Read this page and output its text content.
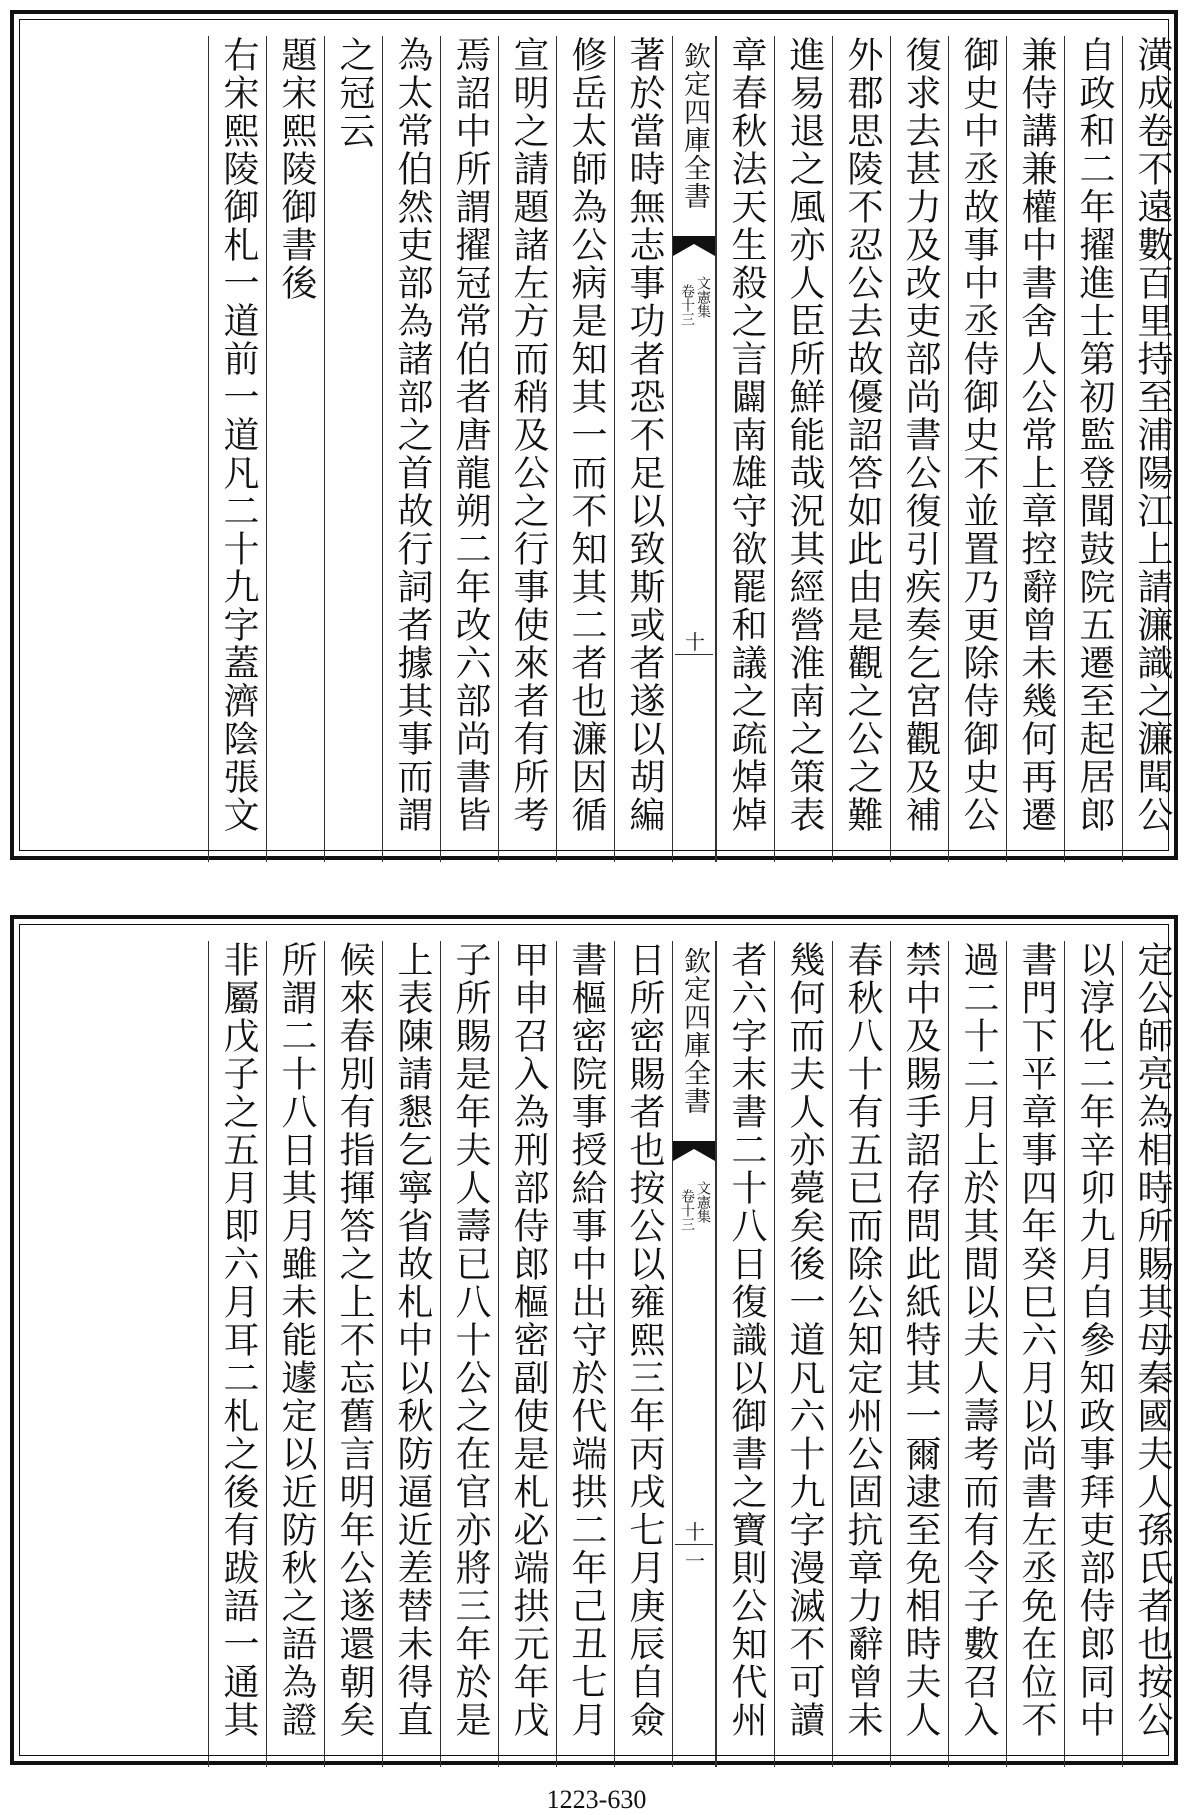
潢成卷不遠數百里持至浦陽江上請濂識之濂聞公
自政和二年擢進士第初監登聞鼓院五遷至起居郎
兼侍講兼權中書舍人公常上章控辭曾未幾何再遷
御史中丞故事中丞侍御史不並置乃更除侍御史公
復求去甚力及改吏部尚書公復引疾奏乞宮觀及補
外郡思陵不忍公去故優詔答如此由是觀之公之難
進易退之風亦人臣所鮮能哉況其經營淮南之策表
章春秋法天生殺之言闢南雄守欲罷和議之疏焯焯
欽定四庫全書
文憲集
卷十三
十
著於當時無志事功者恐不足以致斯或者遂以胡編
修岳太師為公病是知其一而不知其二者也濂因循
宣明之請題諸左方而稍及公之行事使來者有所考
焉詔中所謂擢冠常伯者唐龍朔二年改六部尚書皆
為太常伯然吏部為諸部之首故行詞者據其事而謂
之冠云
題宋熙陵御書後
右宋熙陵御札一道前一道凡二十九字蓋濟陰張文
定公師亮為相時所賜其母秦國夫人孫氏者也按公
以淳化二年辛卯九月自參知政事拜吏部侍郎同中
書門下平章事四年癸巳六月以尚書左丞免在位不
過二十二月上於其間以夫人壽考而有令子數召入
禁中及賜手詔存問此紙特其一爾逮至免相時夫人
春秋八十有五已而除公知定州公固抗章力辭曾未
幾何而夫人亦薨矣後一道凡六十九字漫滅不可讀
者六字末書二十八日復識以御書之寶則公知代州
欽定四庫全書
文憲集
卷十三
十一
日所密賜者也按公以雍熙三年丙戌七月庚辰自僉
書樞密院事授給事中出守於代端拱二年己丑七月
甲申召入為刑部侍郎樞密副使是札必端拱元年戊
子所賜是年夫人壽已八十公之在官亦將三年於是
上表陳請懇乞寧省故札中以秋防逼近差替未得直
候來春別有指揮答之上不忘舊言明年公遂還朝矣
所謂二十八日其月雖未能遽定以近防秋之語為證
非屬戊子之五月即六月耳二札之後有跋語一通其
1223-630
